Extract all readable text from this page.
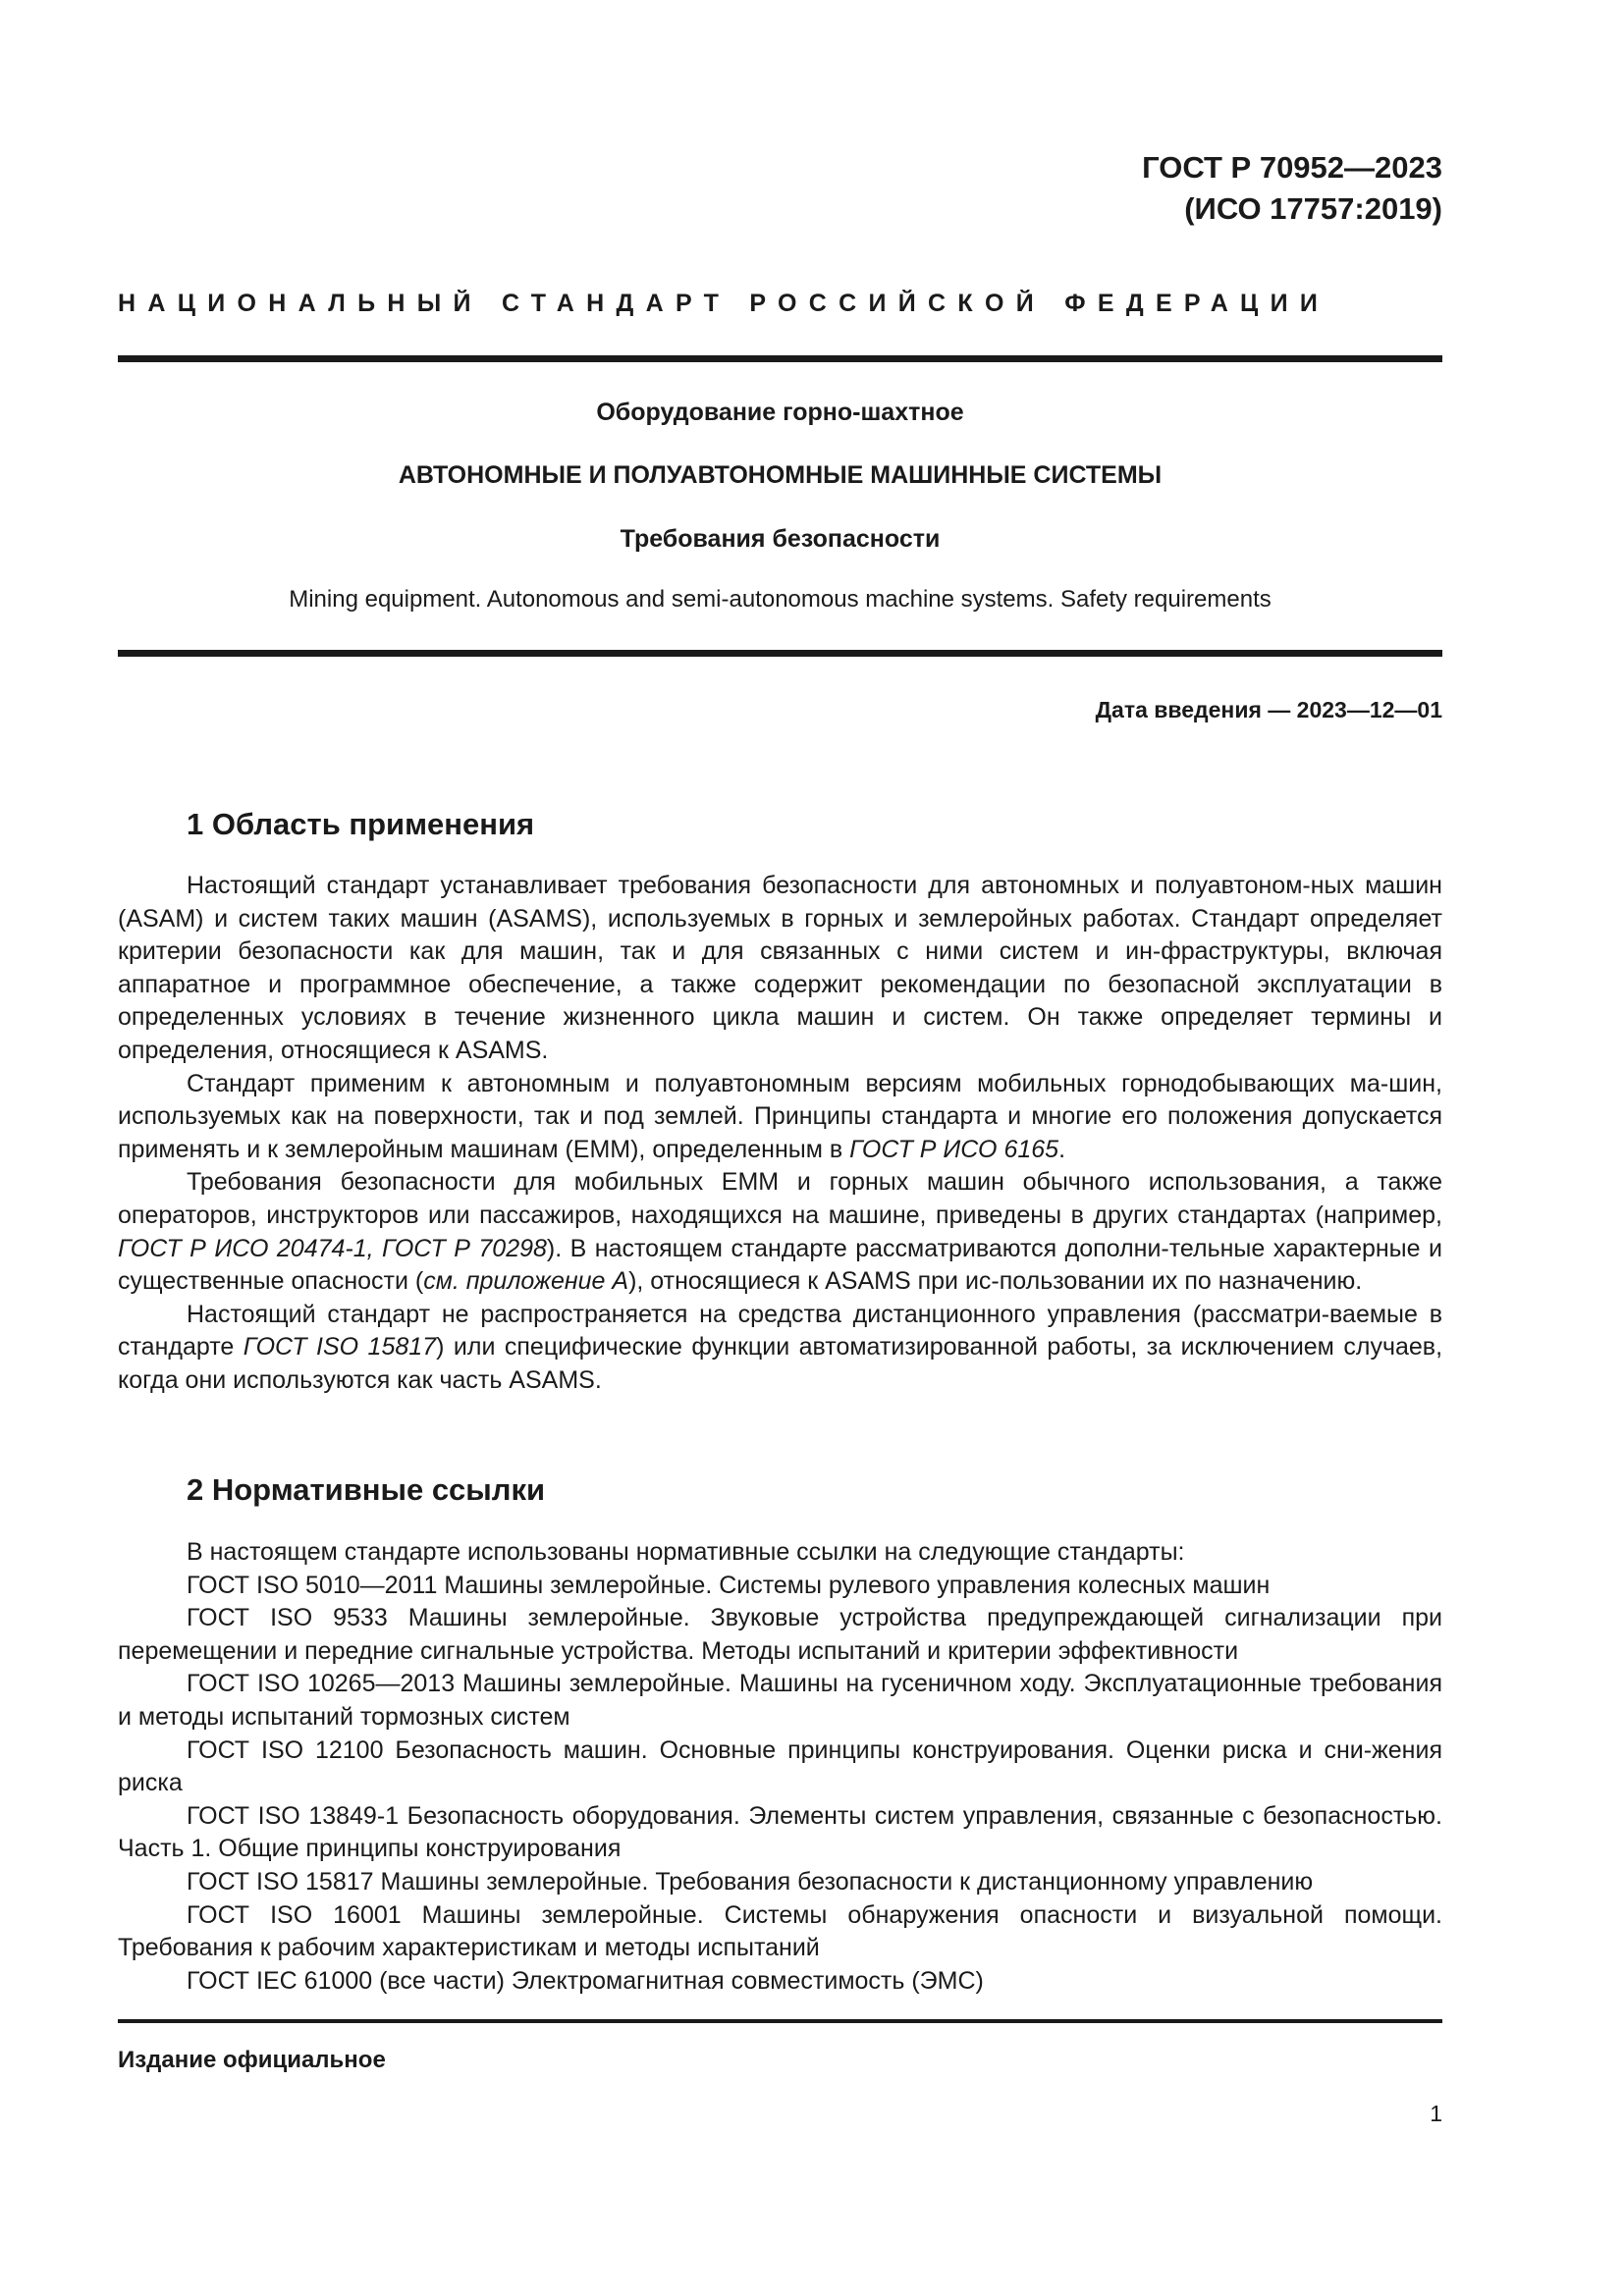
ГОСТ Р 70952—2023
(ИСО 17757:2019)
НАЦИОНАЛЬНЫЙ СТАНДАРТ РОССИЙСКОЙ ФЕДЕРАЦИИ
Оборудование горно-шахтное
АВТОНОМНЫЕ И ПОЛУАВТОНОМНЫЕ МАШИННЫЕ СИСТЕМЫ
Требования безопасности
Mining equipment. Autonomous and semi-autonomous machine systems. Safety requirements
Дата введения — 2023—12—01
1 Область применения

Настоящий стандарт устанавливает требования безопасности для автономных и полуавтоном-ных машин (ASAM) и систем таких машин (ASAMS), используемых в горных и землеройных работах. Стандарт определяет критерии безопасности как для машин, так и для связанных с ними систем и ин-фраструктуры, включая аппаратное и программное обеспечение, а также содержит рекомендации по безопасной эксплуатации в определенных условиях в течение жизненного цикла машин и систем. Он также определяет термины и определения, относящиеся к ASAMS.

Стандарт применим к автономным и полуавтономным версиям мобильных горнодобывающих ма-шин, используемых как на поверхности, так и под землей. Принципы стандарта и многие его положения допускается применять и к землеройным машинам (ЕММ), определенным в ГОСТ Р ИСО 6165.

Требования безопасности для мобильных ЕММ и горных машин обычного использования, а также операторов, инструкторов или пассажиров, находящихся на машине, приведены в других стандартах (например, ГОСТ Р ИСО 20474-1, ГОСТ Р 70298). В настоящем стандарте рассматриваются дополни-тельные характерные и существенные опасности (см. приложение А), относящиеся к ASAMS при ис-пользовании их по назначению.

Настоящий стандарт не распространяется на средства дистанционного управления (рассматри-ваемые в стандарте ГОСТ ISO 15817) или специфические функции автоматизированной работы, за исключением случаев, когда они используются как часть ASAMS.

2 Нормативные ссылки

В настоящем стандарте использованы нормативные ссылки на следующие стандарты:

ГОСТ ISO 5010—2011 Машины землеройные. Системы рулевого управления колесных машин

ГОСТ ISO 9533 Машины землеройные. Звуковые устройства предупреждающей сигнализации при перемещении и передние сигнальные устройства. Методы испытаний и критерии эффективности

ГОСТ ISO 10265—2013 Машины землеройные. Машины на гусеничном ходу. Эксплуатационные требования и методы испытаний тормозных систем

ГОСТ ISO 12100 Безопасность машин. Основные принципы конструирования. Оценки риска и сни-жения риска

ГОСТ ISO 13849-1 Безопасность оборудования. Элементы систем управления, связанные с безопасностью. Часть 1. Общие принципы конструирования

ГОСТ ISO 15817 Машины землеройные. Требования безопасности к дистанционному управлению

ГОСТ ISO 16001 Машины землеройные. Системы обнаружения опасности и визуальной помощи. Требования к рабочим характеристикам и методы испытаний

ГОСТ IEC 61000 (все части) Электромагнитная совместимость (ЭМС)

Издание официальное
1
